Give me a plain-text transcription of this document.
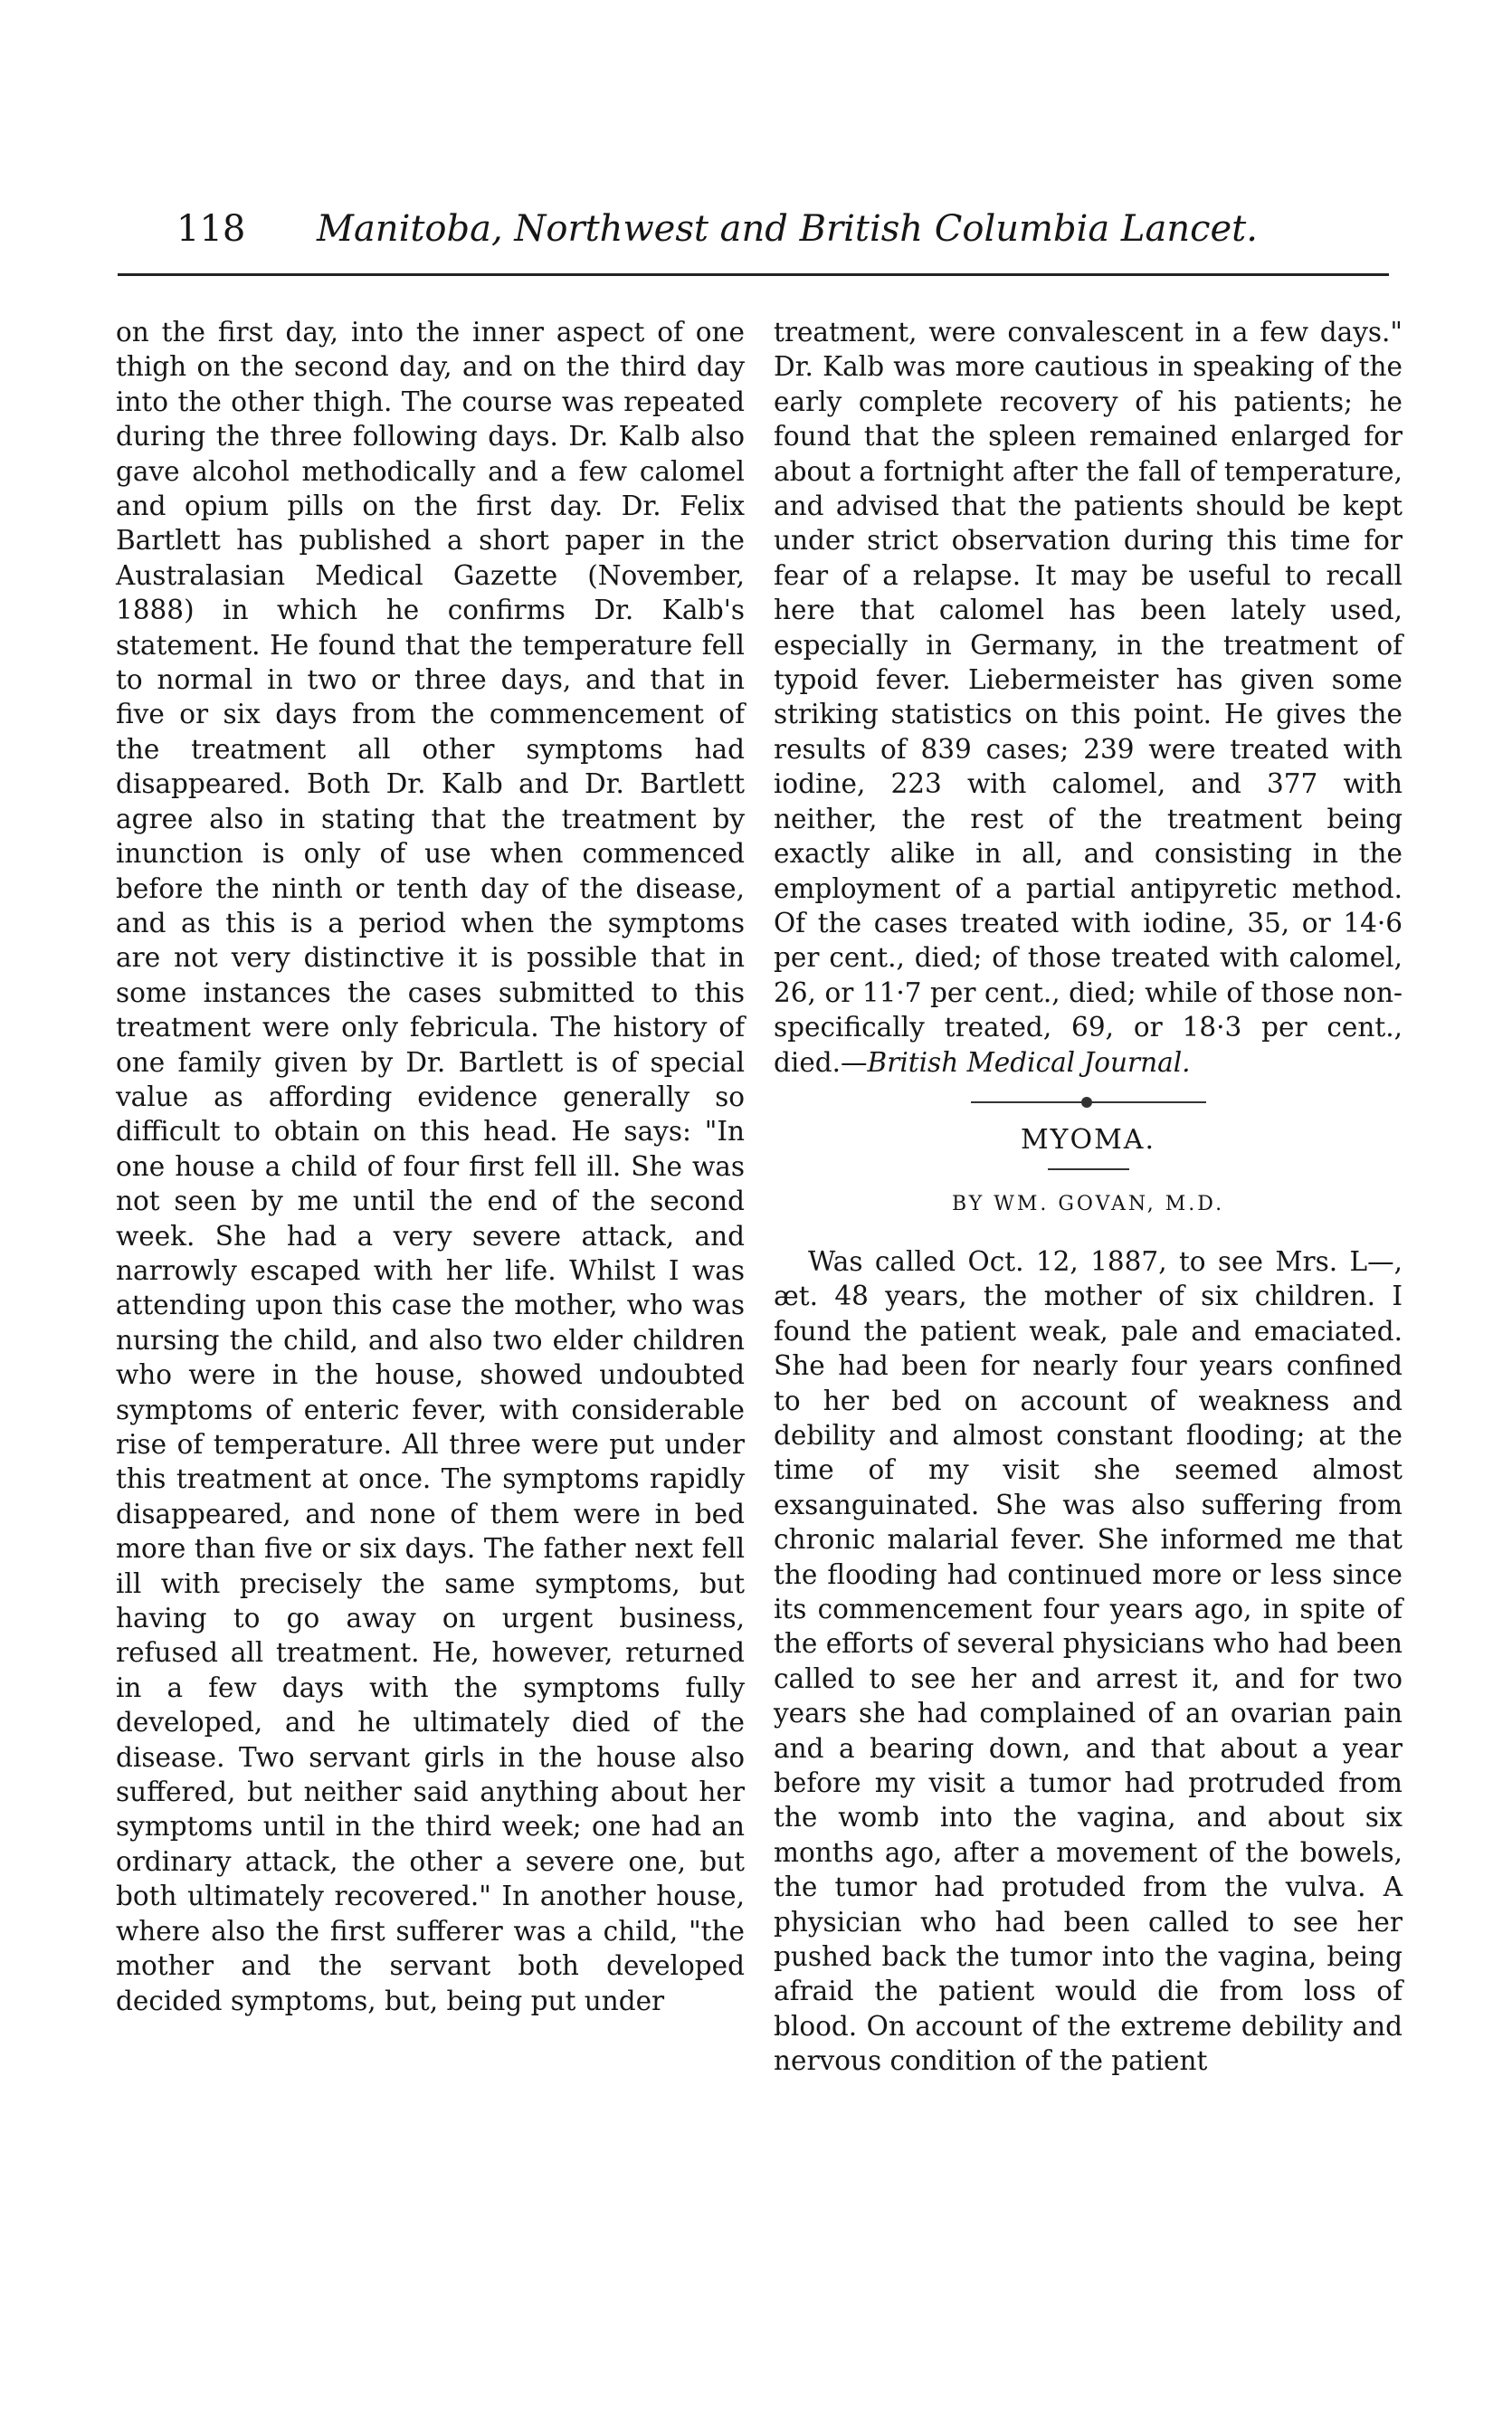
118 Manitoba, Northwest and British Columbia Lancet.

on the first day, into the inner aspect of one thigh on the second day, and on the third day into the other thigh. The course was repeated during the three following days. Dr. Kalb also gave alcohol methodically and a few calomel and opium pills on the first day. Dr. Felix Bartlett has published a short paper in the Australasian Medical Gazette (November, 1888) in which he confirms Dr. Kalb's statement. He found that the temperature fell to normal in two or three days, and that in five or six days from the commencement of the treatment all other symptoms had disappeared. Both Dr. Kalb and Dr. Bartlett agree also in stating that the treatment by inunction is only of use when commenced before the ninth or tenth day of the disease, and as this is a period when the symptoms are not very distinctive it is possible that in some instances the cases submitted to this treatment were only febricula. The history of one family given by Dr. Bartlett is of special value as affording evidence generally so difficult to obtain on this head. He says: "In one house a child of four first fell ill. She was not seen by me until the end of the second week. She had a very severe attack, and narrowly escaped with her life. Whilst I was attending upon this case the mother, who was nursing the child, and also two elder children who were in the house, showed undoubted symptoms of enteric fever, with considerable rise of temperature. All three were put under this treatment at once. The symptoms rapidly disappeared, and none of them were in bed more than five or six days. The father next fell ill with precisely the same symptoms, but having to go away on urgent business, refused all treatment. He, however, returned in a few days with the symptoms fully developed, and he ultimately died of the disease. Two servant girls in the house also suffered, but neither said anything about her symptoms until in the third week; one had an ordinary attack, the other a severe one, but both ultimately recovered." In another house, where also the first sufferer was a child, "the mother and the servant both developed decided symptoms, but, being put under

treatment, were convalescent in a few days." Dr. Kalb was more cautious in speaking of the early complete recovery of his patients; he found that the spleen remained enlarged for about a fortnight after the fall of temperature, and advised that the patients should be kept under strict observation during this time for fear of a relapse. It may be useful to recall here that calomel has been lately used, especially in Germany, in the treatment of typoid fever. Liebermeister has given some striking statistics on this point. He gives the results of 839 cases; 239 were treated with iodine, 223 with calomel, and 377 with neither, the rest of the treatment being exactly alike in all, and consisting in the employment of a partial antipyretic method. Of the cases treated with iodine, 35, or 14·6 per cent., died; of those treated with calomel, 26, or 11·7 per cent., died; while of those non-specifically treated, 69, or 18·3 per cent., died.—British Medical Journal.

MYOMA.
BY WM. GOVAN, M.D.

Was called Oct. 12, 1887, to see Mrs. L—, æt. 48 years, the mother of six children. I found the patient weak, pale and emaciated. She had been for nearly four years confined to her bed on account of weakness and debility and almost constant flooding; at the time of my visit she seemed almost exsanguinated. She was also suffering from chronic malarial fever. She informed me that the flooding had continued more or less since its commencement four years ago, in spite of the efforts of several physicians who had been called to see her and arrest it, and for two years she had complained of an ovarian pain and a bearing down, and that about a year before my visit a tumor had protruded from the womb into the vagina, and about six months ago, after a movement of the bowels, the tumor had protuded from the vulva. A physician who had been called to see her pushed back the tumor into the vagina, being afraid the patient would die from loss of blood. On account of the extreme debility and nervous condition of the patient
